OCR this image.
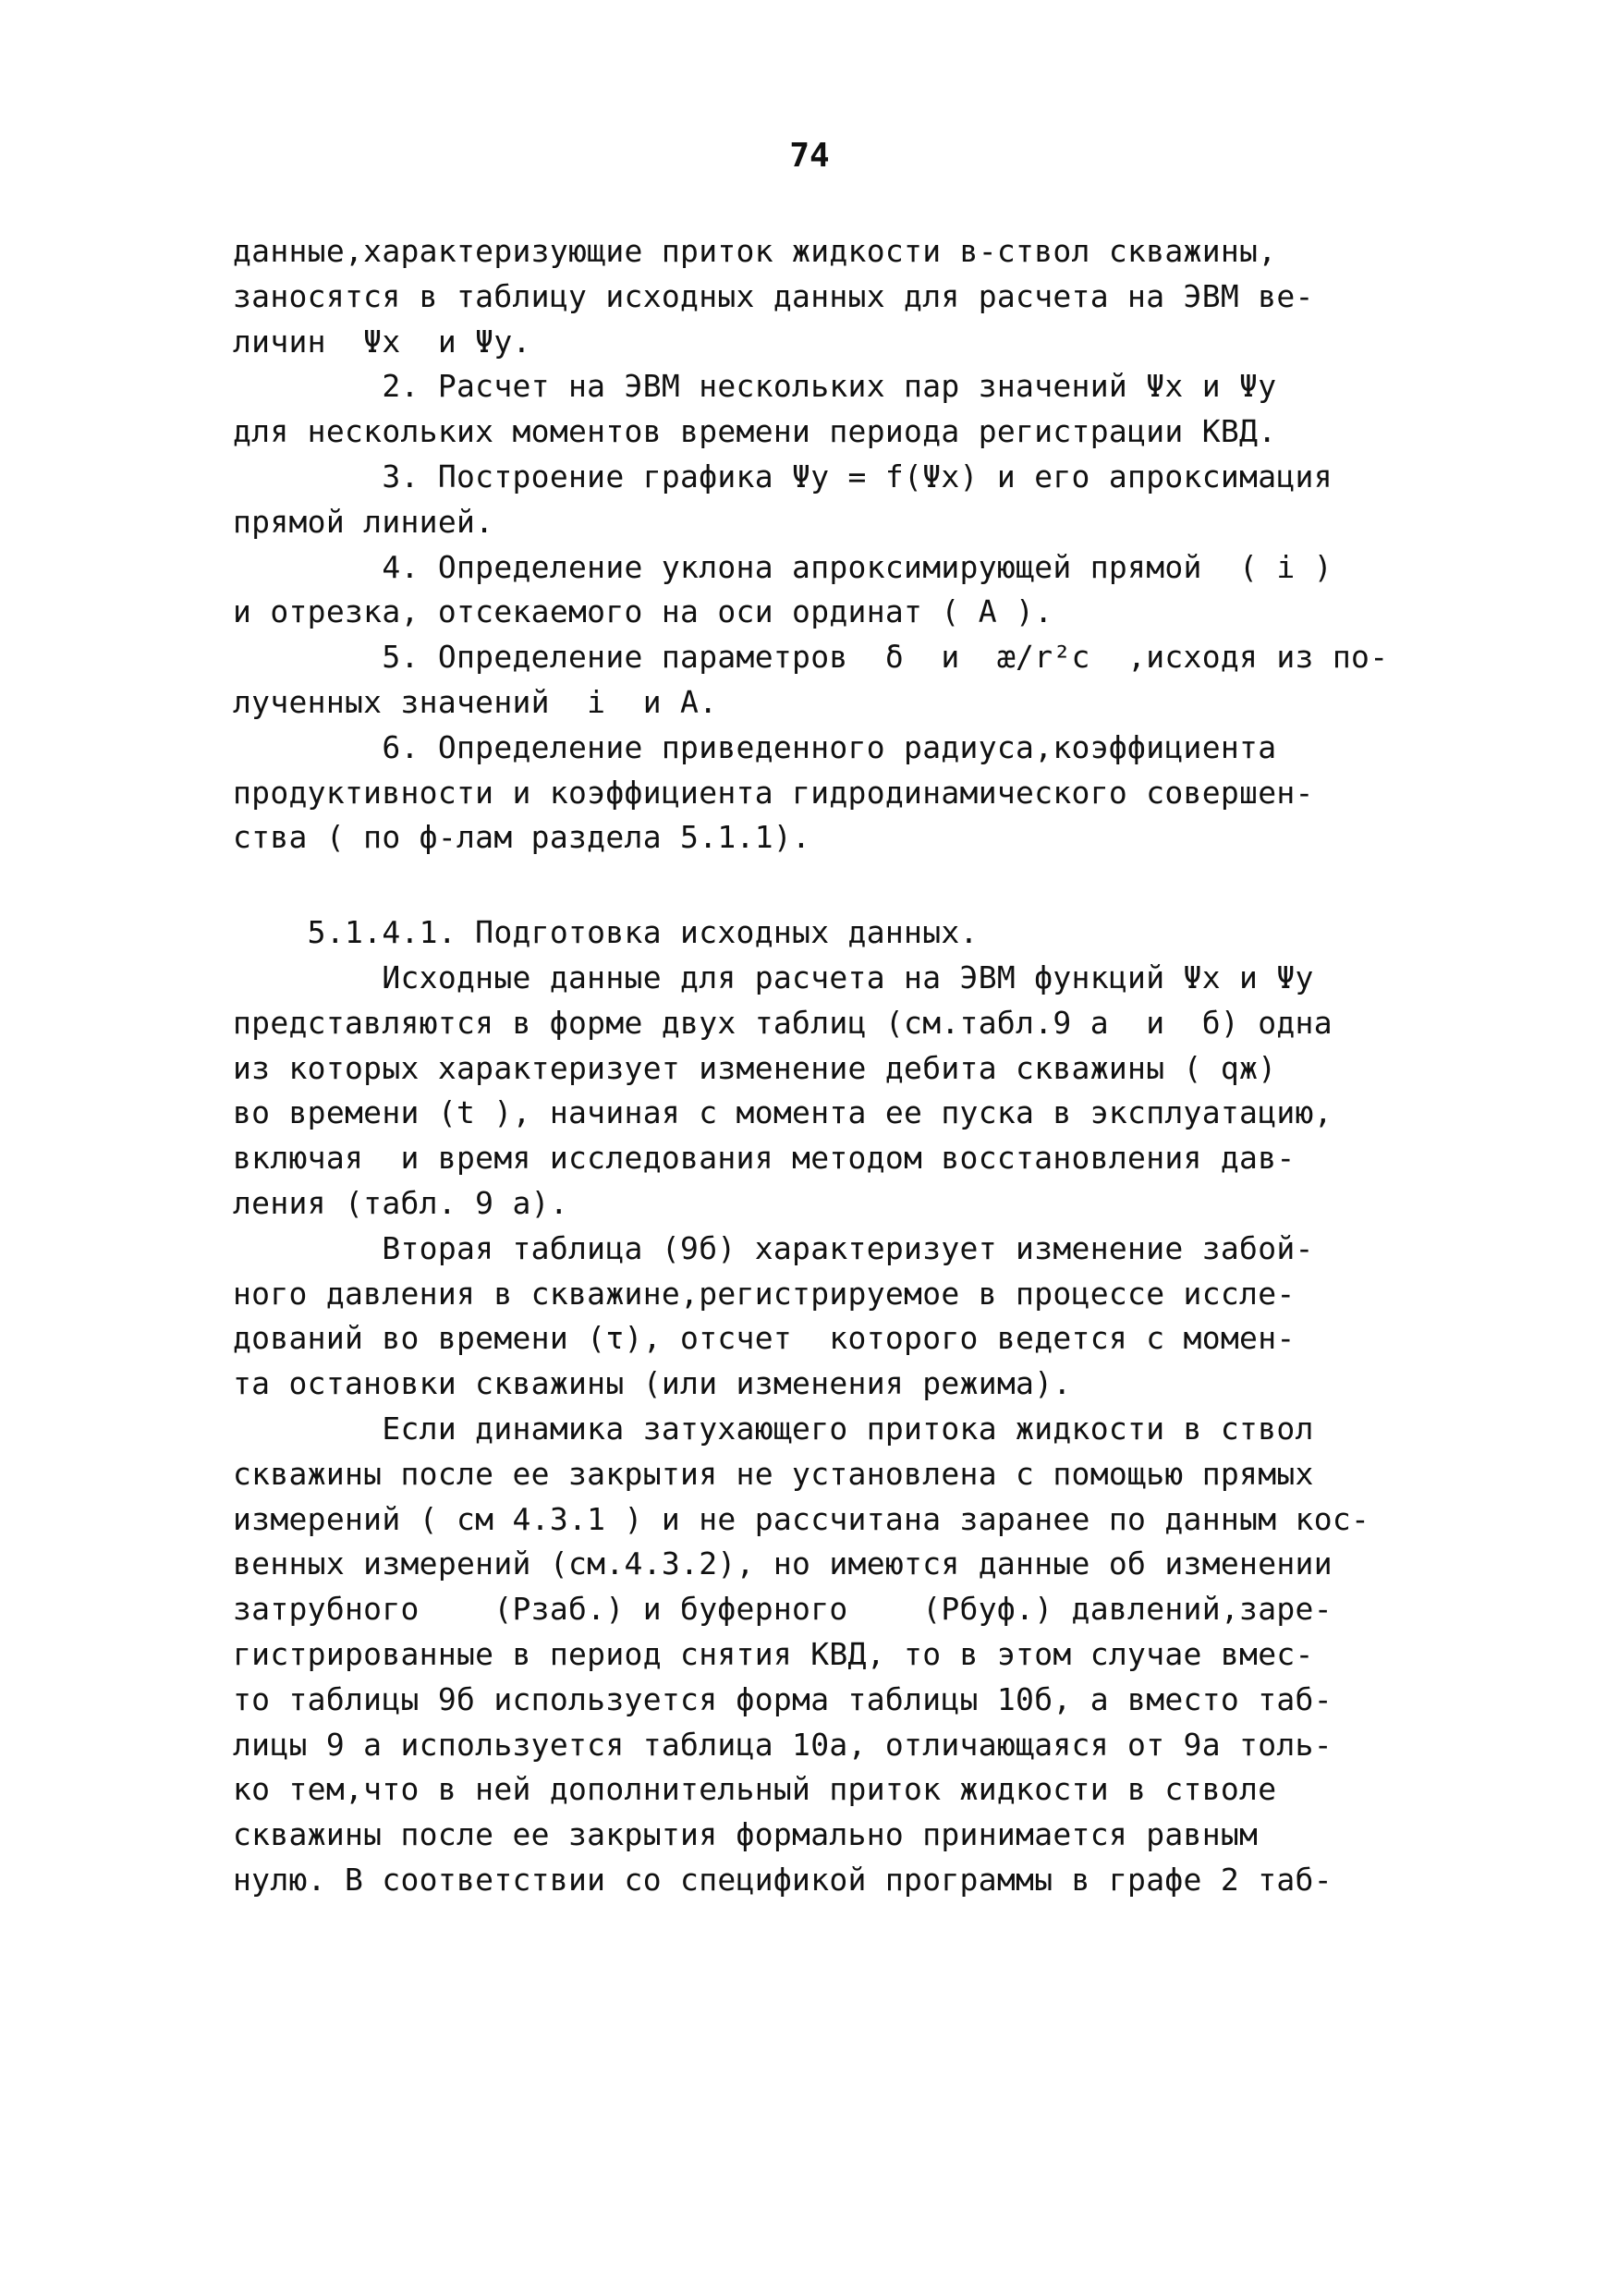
74
данные,характеризующие приток жидкости в-ствол скважины,
заносятся в таблицу исходных данных для расчета на ЭВМ ве-
личин  Ψx  и Ψy.
2. Расчет на ЭВМ нескольких пар значений Ψx и Ψy
для нескольких моментов времени периода регистрации КВД.
3. Построение графика Ψy = f(Ψx) и его апроксимация
прямой линией.
4. Определение уклона апроксимирующей прямой  ( i )
и отрезка, отсекаемого на оси ординат ( A ).
5. Определение параметров  δ  и  æ/r²c  ,исходя из по-
лученных значений  i  и A.
6. Определение приведенного радиуса,коэффициента
продуктивности и коэффициента гидродинамического совершен-
ства ( по ф-лам раздела 5.1.1).
5.1.4.1. Подготовка исходных данных.
Исходные данные для расчета на ЭВМ функций Ψx и Ψy
представляются в форме двух таблиц (см.табл.9 а  и  б) одна
из которых характеризует изменение дебита скважины ( qж)
во времени (t ), начиная с момента ее пуска в эксплуатацию,
включая  и время исследования методом восстановления дав-
ления (табл. 9 а).
Вторая таблица (9б) характеризует изменение забой-
ного давления в скважине,регистрируемое в процессе иссле-
дований во времени (τ), отсчет  которого ведется с момен-
та остановки скважины (или изменения режима).
Если динамика затухающего притока жидкости в ствол
скважины после ее закрытия не установлена с помощью прямых
измерений ( см 4.3.1 ) и не рассчитана заранее по данным кос-
венных измерений (см.4.3.2), но имеются данные об изменении
затрубного    (Pзаб.) и буферного    (Pбуф.) давлений,заре-
гистрированные в период снятия КВД, то в этом случае вмес-
то таблицы 9б используется форма таблицы 10б, а вместо таб-
лицы 9 а используется таблица 10а, отличающаяся от 9а толь-
ко тем,что в ней дополнительный приток жидкости в стволе
скважины после ее закрытия формально принимается равным
нулю. В соответствии со спецификой программы в графе 2 таб-
